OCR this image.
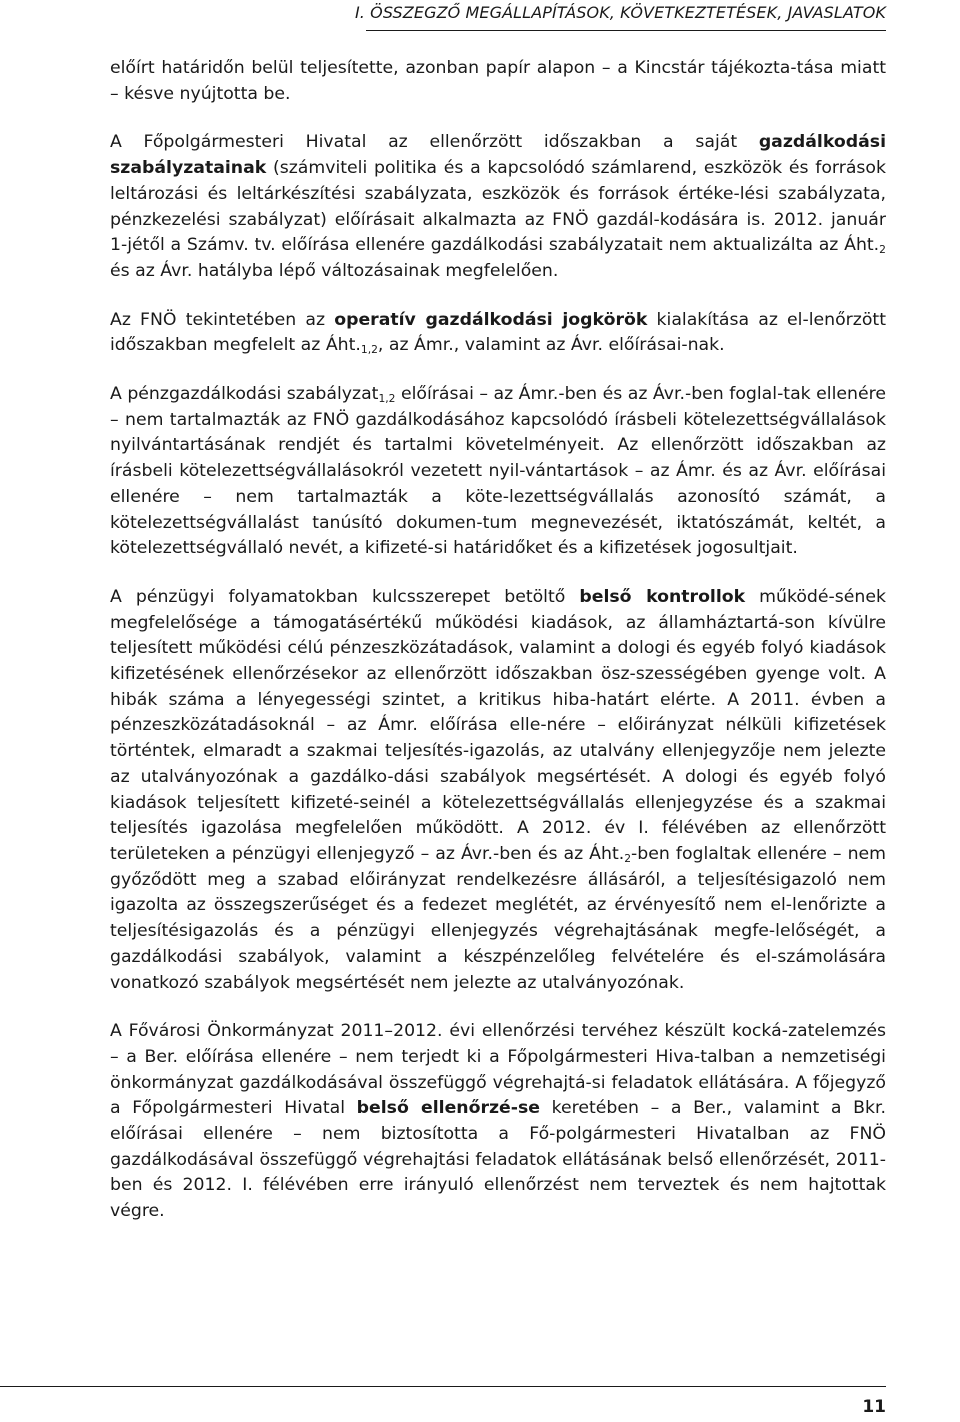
I. ÖSSZEGZŐ MEGÁLLAPÍTÁSOK, KÖVETKEZTETÉSEK, JAVASLATOK

előírt határidőn belül teljesítette, azonban papír alapon – a Kincstár tájékozta-tása miatt – késve nyújtotta be.

A Főpolgármesteri Hivatal az ellenőrzött időszakban a saját gazdálkodási szabályzatainak (számviteli politika és a kapcsolódó számlarend, eszközök és források leltározási és leltárkészítési szabályzata, eszközök és források értéke-lési szabályzata, pénzkezelési szabályzat) előírásait alkalmazta az FNÖ gazdál-kodására is. 2012. január 1-jétől a Számv. tv. előírása ellenére gazdálkodási szabályzatait nem aktualizálta az $Áht._2$ és az Ávr. hatályba lépő változásainak megfelelően.

Az FNÖ tekintetében az operatív gazdálkodási jogkörök kialakítása az el-lenőrzött időszakban megfelelt az $Áht._{1,2}$, az Ámr., valamint az Ávr. előírásai-nak.

A pénzgazdálkodási szabályzat$_{1,2}$ előírásai – az Ámr.-ben és az Ávr.-ben foglal-tak ellenére – nem tartalmazták az FNÖ gazdálkodásához kapcsolódó írásbeli kötelezettségvállalások nyilvántartásának rendjét és tartalmi követelményeit. Az ellenőrzött időszakban az írásbeli kötelezettségvállalásokról vezetett nyil-vántartások – az Ámr. és az Ávr. előírásai ellenére – nem tartalmazták a köte-lezettségvállalás azonosító számát, a kötelezettségvállalást tanúsító dokumen-tum megnevezését, iktatószámát, keltét, a kötelezettségvállaló nevét, a kifizeté-si határidőket és a kifizetések jogosultjait.

A pénzügyi folyamatokban kulcsszerepet betöltő belső kontrollok működé-sének megfelelősége a támogatásértékű működési kiadások, az államháztartá-son kívülre teljesített működési célú pénzeszközátadások, valamint a dologi és egyéb folyó kiadások kifizetésének ellenőrzésekor az ellenőrzött időszakban ösz-szességében gyenge volt. A hibák száma a lényegességi szintet, a kritikus hiba-határt elérte. A 2011. évben a pénzeszközátadásoknál – az Ámr. előírása elle-nére – előirányzat nélküli kifizetések történtek, elmaradt a szakmai teljesítés-igazolás, az utalvány ellenjegyzője nem jelezte az utalványozónak a gazdálko-dási szabályok megsértését. A dologi és egyéb folyó kiadások teljesített kifizeté-seinél a kötelezettségvállalás ellenjegyzése és a szakmai teljesítés igazolása megfelelően működött. A 2012. év I. félévében az ellenőrzött területeken a pénzügyi ellenjegyző – az Ávr.-ben és az $Áht._2$-ben foglaltak ellenére – nem győződött meg a szabad előirányzat rendelkezésre állásáról, a teljesítésigazoló nem igazolta az összegszerűséget és a fedezet meglétét, az érvényesítő nem el-lenőrizte a teljesítésigazolás és a pénzügyi ellenjegyzés végrehajtásának megfe-lelőségét, a gazdálkodási szabályok, valamint a készpénzelőleg felvételére és el-számolására vonatkozó szabályok megsértését nem jelezte az utalványozónak.

A Fővárosi Önkormányzat 2011–2012. évi ellenőrzési tervéhez készült kocká-zatelemzés – a Ber. előírása ellenére – nem terjedt ki a Főpolgármesteri Hiva-talban a nemzetiségi önkormányzat gazdálkodásával összefüggő végrehajtá-si feladatok ellátására. A főjegyző a Főpolgármesteri Hivatal belső ellenőrzé-se keretében – a Ber., valamint a Bkr. előírásai ellenére – nem biztosította a Fő-polgármesteri Hivatalban az FNÖ gazdálkodásával összefüggő végrehajtási feladatok ellátásának belső ellenőrzését, 2011-ben és 2012. I. félévében erre irányuló ellenőrzést nem terveztek és nem hajtottak végre.

11
